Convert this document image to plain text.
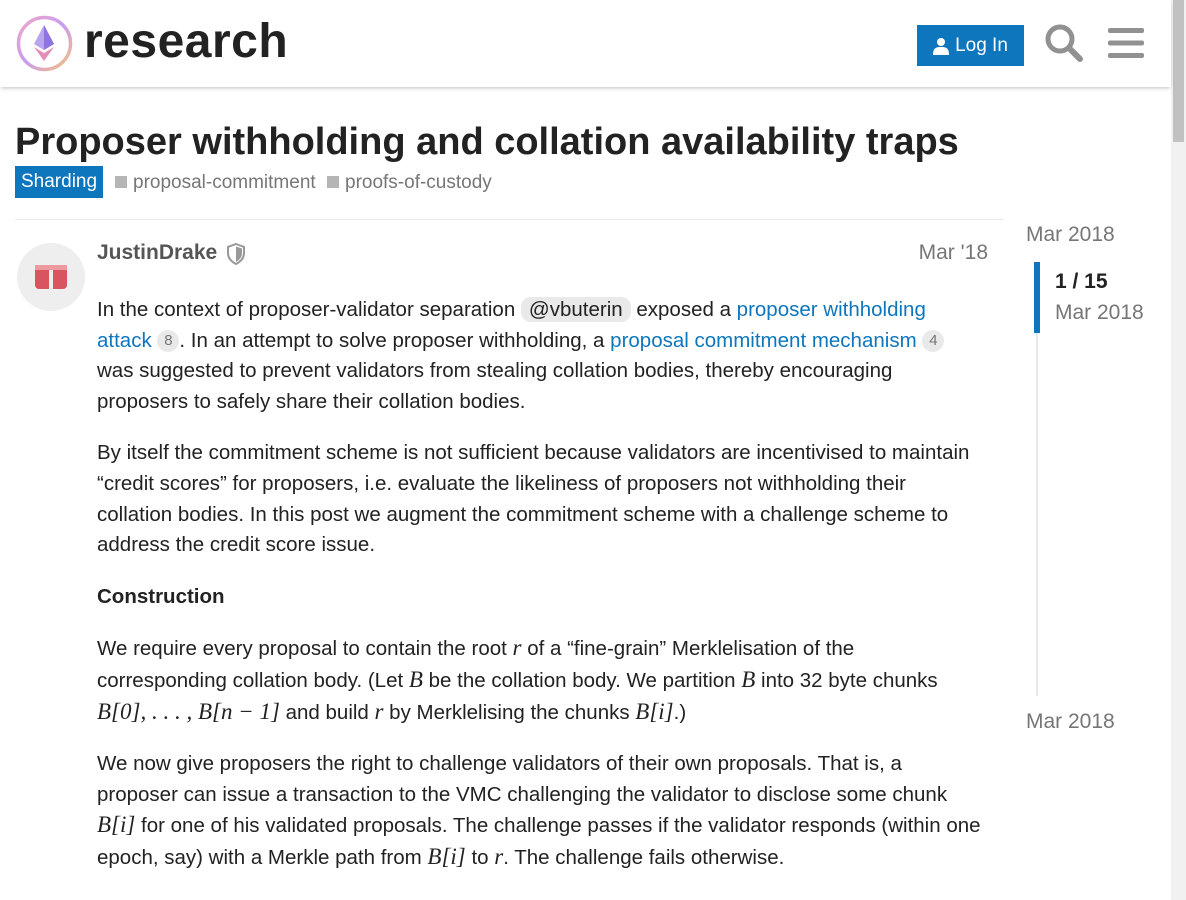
research	Log In
Proposer withholding and collation availability traps
Sharding	proposal-commitment proofs-of-custody
JustinDrake	Mar '18

In the context of proposer-validator separation @vbuterin exposed a proposer withholding attack 8 . In an attempt to solve proposer withholding, a proposal commitment mechanism 4 was suggested to prevent validators from stealing collation bodies, thereby encouraging proposers to safely share their collation bodies.

By itself the commitment scheme is not sufficient because validators are incentivised to maintain “credit scores” for proposers, i.e. evaluate the likeliness of proposers not withholding their collation bodies. In this post we augment the commitment scheme with a challenge scheme to address the credit score issue.

Construction

We require every proposal to contain the root r of a “fine-grain” Merklelisation of the corresponding collation body. (Let B be the collation body. We partition B into 32 byte chunks B[0], . . . , B[n − 1] and build r by Merklelising the chunks B[i].)

We now give proposers the right to challenge validators of their own proposals. That is, a proposer can issue a transaction to the VMC challenging the validator to disclose some chunk B[i] for one of his validated proposals. The challenge passes if the validator responds (within one epoch, say) with a Merkle path from B[i] to r. The challenge fails otherwise.

Mar 2018
1 / 15
Mar 2018
Mar 2018
